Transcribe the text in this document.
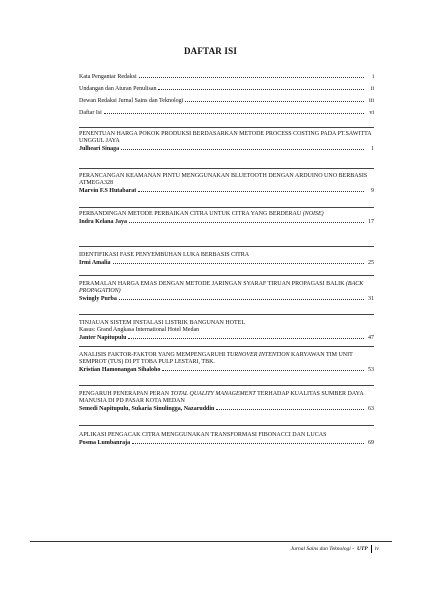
DAFTAR ISI
Kata Pengantar Redaksi	i
Undangan dan Aturan Penulisan	ii
Dewan Redaksi Jurnal Sains dan Teknologi	iii
Daftar Isi	vi
PENENTUAN HARGA POKOK PRODUKSI BERDASARKAN METODE PROCESS COSTING PADA PT.SAWITTA UNGGUL JAYA
Julheari Sinaga	1
PERANCANGAN KEAMANAN PINTU MENGGUNAKAN BLUETOOTH DENGAN ARDUINO UNO BERBASIS ATMEGA328
Marvin F.S Hutabarat	9
PERBANDINGAN METODE PERBAIKAN CITRA UNTUK CITRA YANG BERDERAU (NOISE)
Indra Kelana Jaya	17
IDENTIFIKASI FASE PENYEMBUHAN LUKA BERBASIS CITRA
Irmi Amalia	25
PERAMALAN HARGA EMAS DENGAN METODE JARINGAN SYARAF TIRUAN PROPAGASI BALIK (BACK PROPAGATION)
Swingly Purba	31
TINJAUAN SISTEM INSTALASI LISTRIK BANGUNAN HOTEL
Kasus: Grand Angkasa International Hotel Medan
Janter Napitupulu	47
ANALISIS FAKTOR-FAKTOR YANG MEMPENGARUHI TURNOVER INTENTION KARYAWAN TIM UNIT SEMPROT (TUS) DI PT TOBA PULP LESTARI, TBK.
Kristian Hamonangan Sihaloho	53
PENGARUH PENERAPAN PERAN TOTAL QUALITY MANAGEMENT TERHADAP KUALITAS SUMBER DAYA MANUSIA DI PD PASAR KOTA MEDAN
Semedi Napitupulu, Sukaria Sinulingga, Nazaruddin	63
APLIKASI PENGACAK CITRA MENGGUNAKAN TRANSFORMASI FIBONACCI DAN LUCAS
Posma Lumbanraja	69
Jurnal Sains dan Teknologi - UTP iv
